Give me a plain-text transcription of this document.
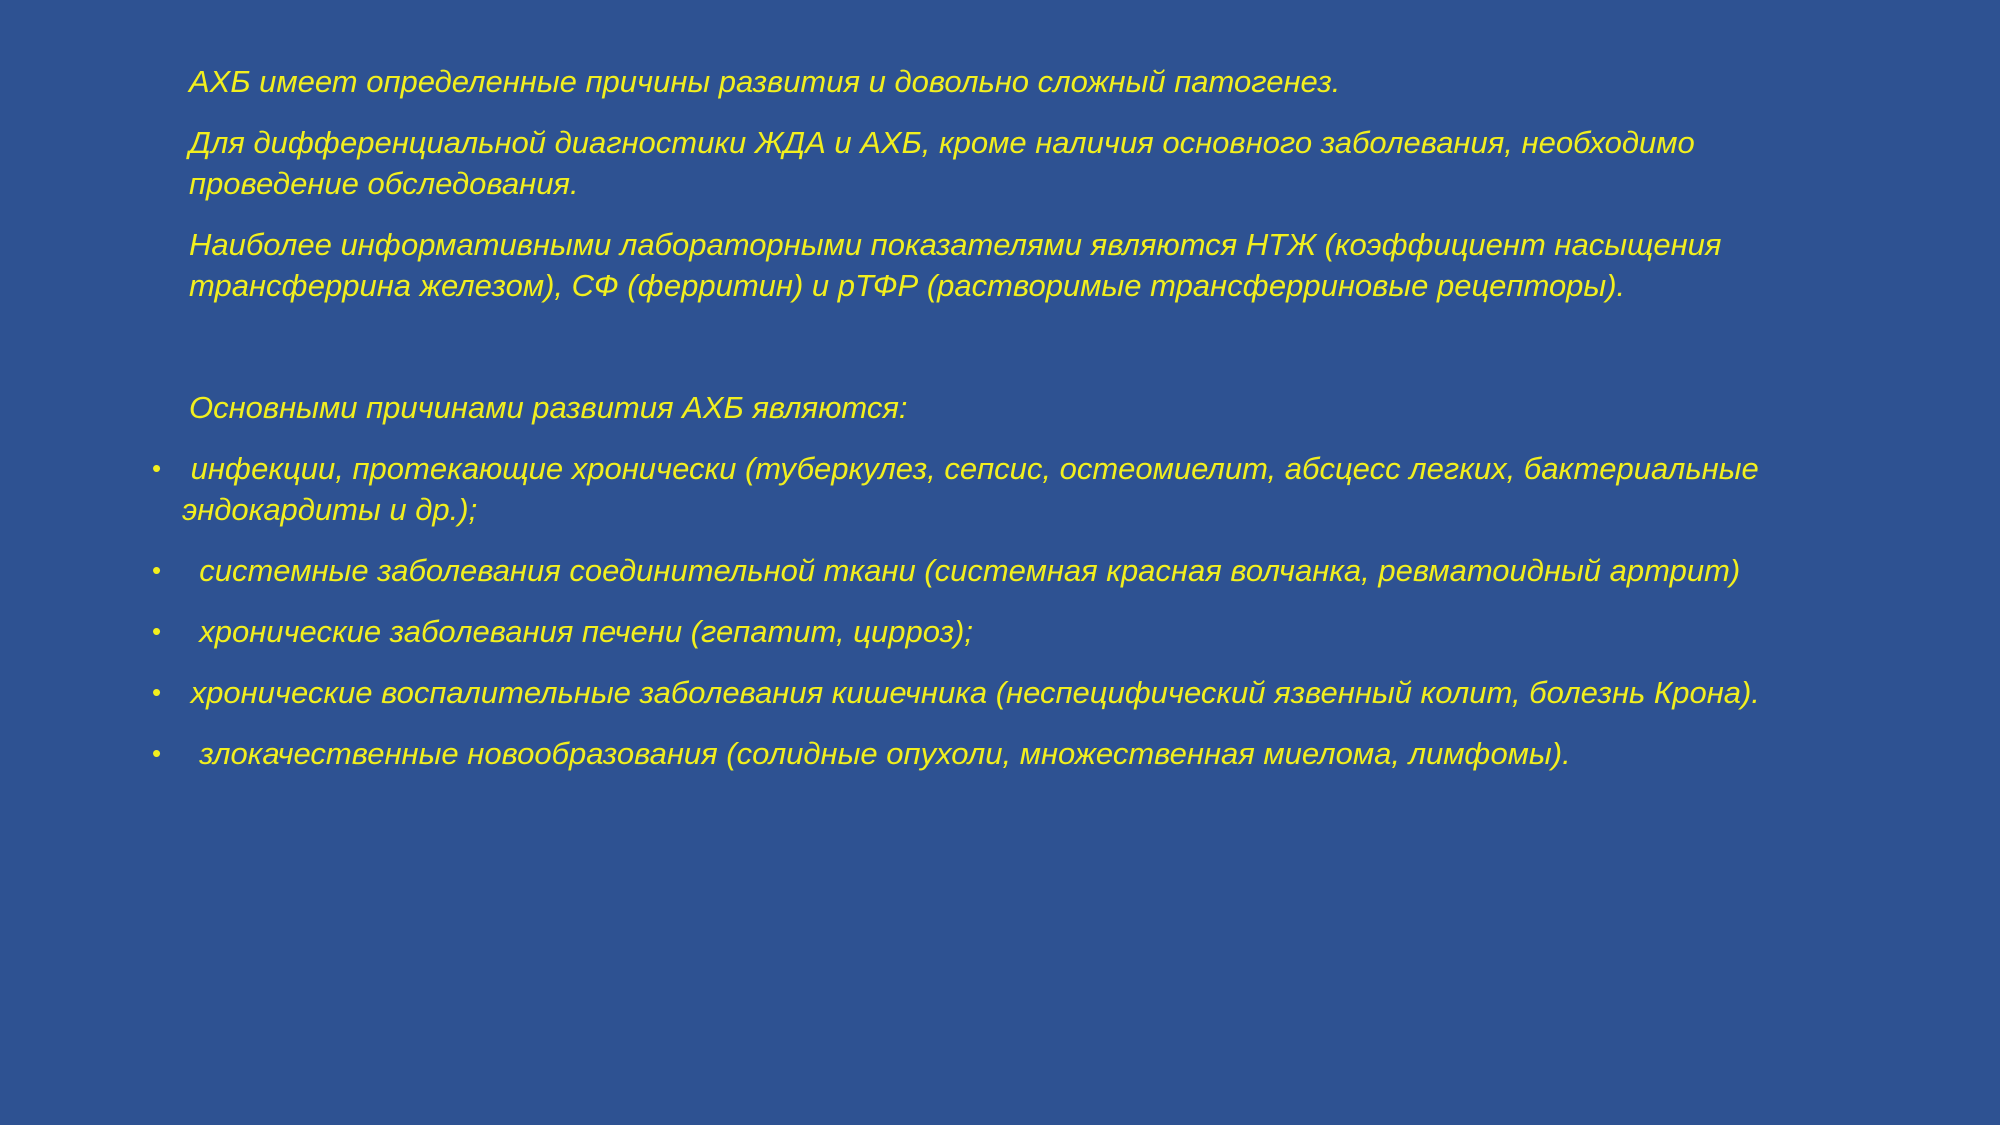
АХБ имеет определенные причины развития и довольно сложный патогенез.

Для дифференциальной диагностики ЖДА и АХБ, кроме наличия основного заболевания, необходимо проведение обследования.

Наиболее информативными лабораторными показателями являются НТЖ (коэффициент насыщения трансферрина железом), СФ (ферритин) и рТФР (растворимые трансферриновые рецепторы).

Основными причинами развития АХБ являются:

• инфекции, протекающие хронически (туберкулез, сепсис, остеомиелит, абсцесс легких, бактериальные эндокардиты и др.);
• системные заболевания соединительной ткани (системная красная волчанка, ревматоидный артрит)
• хронические заболевания печени (гепатит, цирроз);
• хронические воспалительные заболевания кишечника (неспецифический язвенный колит, болезнь Крона).
• злокачественные новообразования (солидные опухоли, множественная миелома, лимфомы).
